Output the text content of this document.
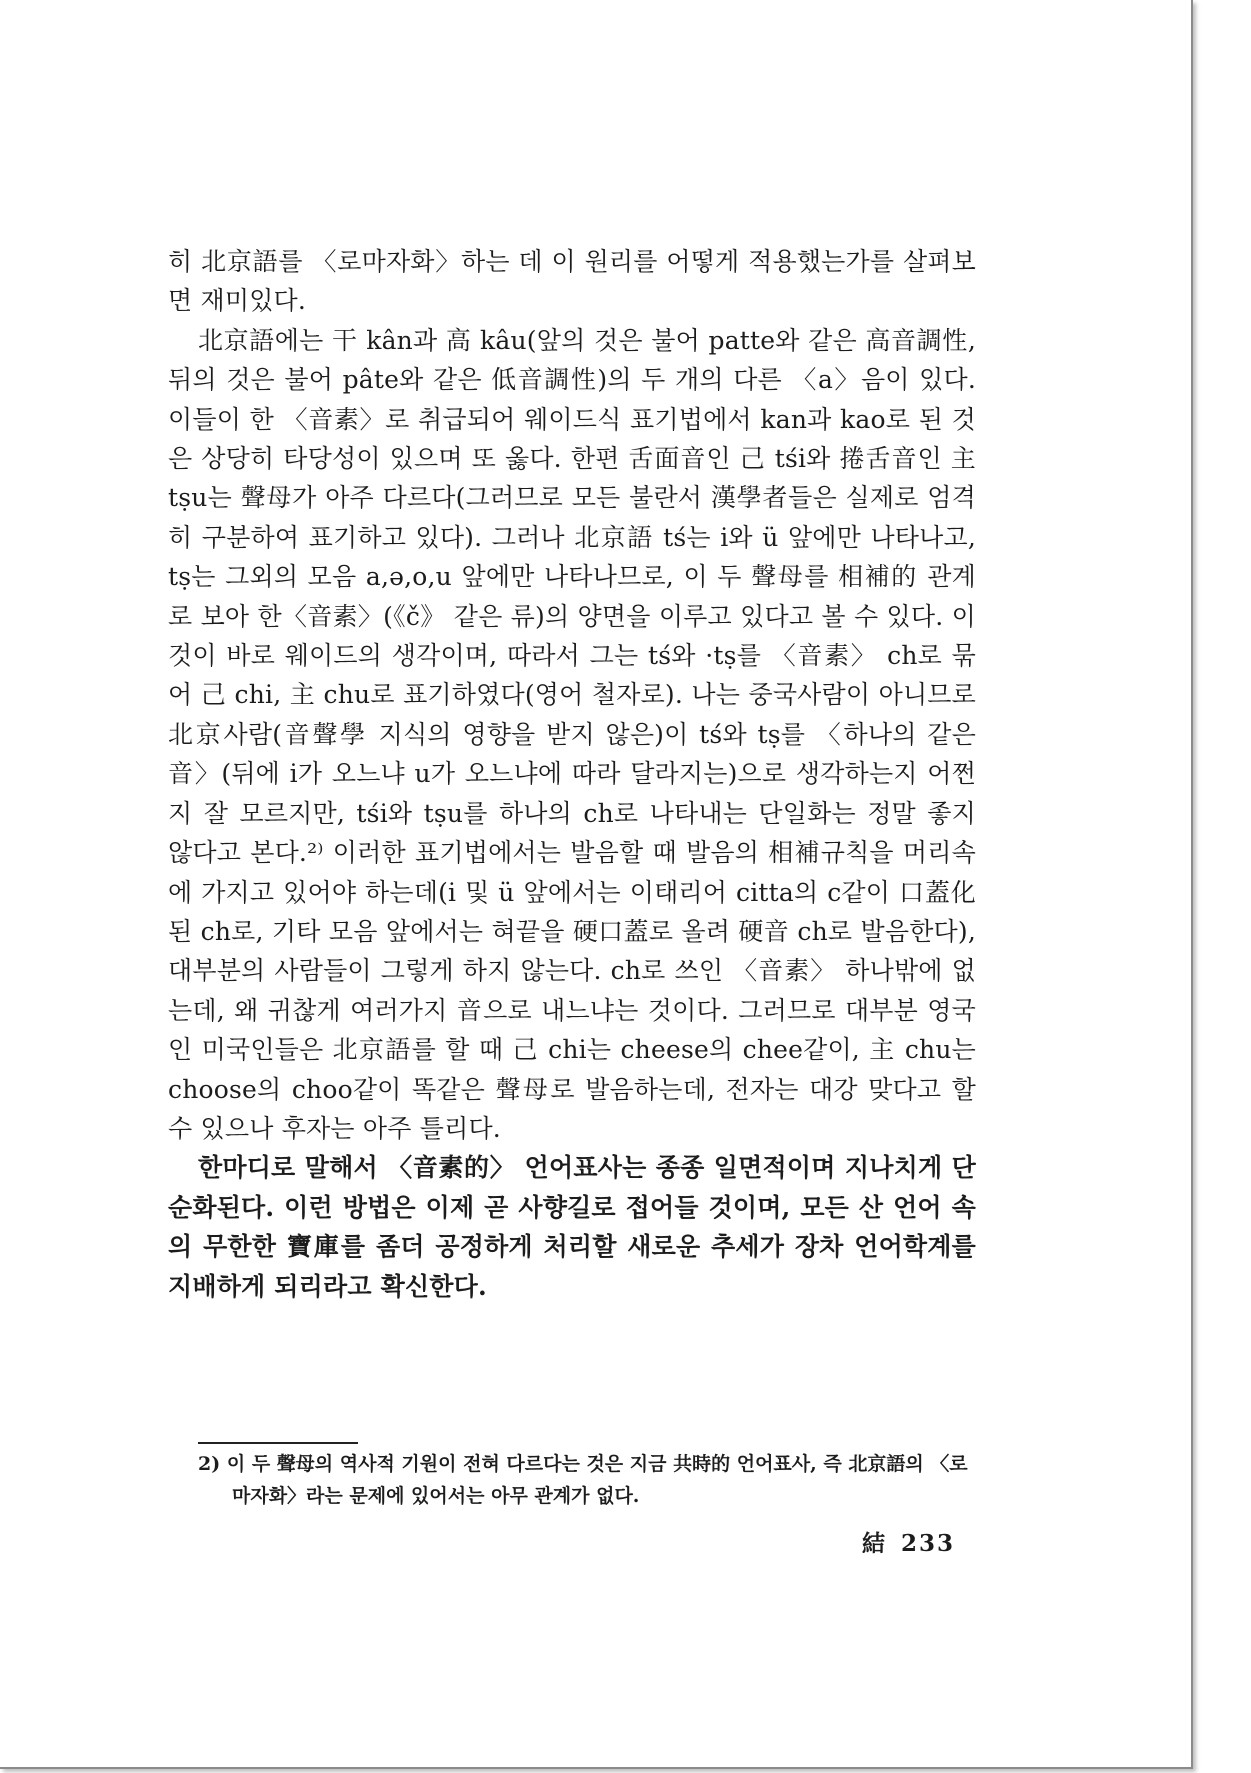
히 北京語를 〈로마자화〉하는 데 이 원리를 어떻게 적용했는가를 살펴보면 재미있다.

北京語에는 干 kân과 高 kâu(앞의 것은 불어 patte와 같은 高音調性, 뒤의 것은 불어 pâte와 같은 低音調性)의 두 개의 다른 〈a〉음이 있다. 이들이 한 〈音素〉로 취급되어 웨이드식 표기법에서 kan과 kao로 된 것은 상당히 타당성이 있으며 또 옳다. 한편 舌面音인 己 tśi와 捲舌音인 主 tṣu는 聲母가 아주 다르다(그러므로 모든 불란서 漢學者들은 실제로 엄격히 구분하여 표기하고 있다). 그러나 北京語 tś는 i와 ü 앞에만 나타나고, tṣ는 그외의 모음 a,ə,o,u 앞에만 나타나므로, 이 두 聲母를 相補的 관계로 보아 한〈音素〉(《č》 같은 류)의 양면을 이루고 있다고 볼 수 있다. 이것이 바로 웨이드의 생각이며, 따라서 그는 tś와 ·tṣ를 〈音素〉 ch로 묶어 己 chi, 主 chu로 표기하였다(영어 철자로). 나는 중국사람이 아니므로 北京사람(音聲學 지식의 영향을 받지 않은)이 tś와 tṣ를 〈하나의 같은 音〉(뒤에 i가 오느냐 u가 오느냐에 따라 달라지는)으로 생각하는지 어쩐지 잘 모르지만, tśi와 tṣu를 하나의 ch로 나타내는 단일화는 정말 좋지 않다고 본다.²⁾ 이러한 표기법에서는 발음할 때 발음의 相補규칙을 머리속에 가지고 있어야 하는데(i 및 ü 앞에서는 이태리어 citta의 c같이 口蓋化된 ch로, 기타 모음 앞에서는 혀끝을 硬口蓋로 올려 硬音 ch로 발음한다), 대부분의 사람들이 그렇게 하지 않는다. ch로 쓰인 〈音素〉 하나밖에 없는데, 왜 귀찮게 여러가지 音으로 내느냐는 것이다. 그러므로 대부분 영국인 미국인들은 北京語를 할 때 己 chi는 cheese의 chee같이, 主 chu는 choose의 choo같이 똑같은 聲母로 발음하는데, 전자는 대강 맞다고 할 수 있으나 후자는 아주 틀리다.

한마디로 말해서 〈音素的〉 언어표사는 종종 일면적이며 지나치게 단순화된다. 이런 방법은 이제 곧 사향길로 접어들 것이며, 모든 산 언어 속의 무한한 寶庫를 좀더 공정하게 처리할 새로운 추세가 장차 언어학계를 지배하게 되리라고 확신한다.

2) 이 두 聲母의 역사적 기원이 전혀 다르다는 것은 지금 共時的 언어표사, 즉 北京語의 〈로마자화〉라는 문제에 있어서는 아무 관계가 없다.
結 233
